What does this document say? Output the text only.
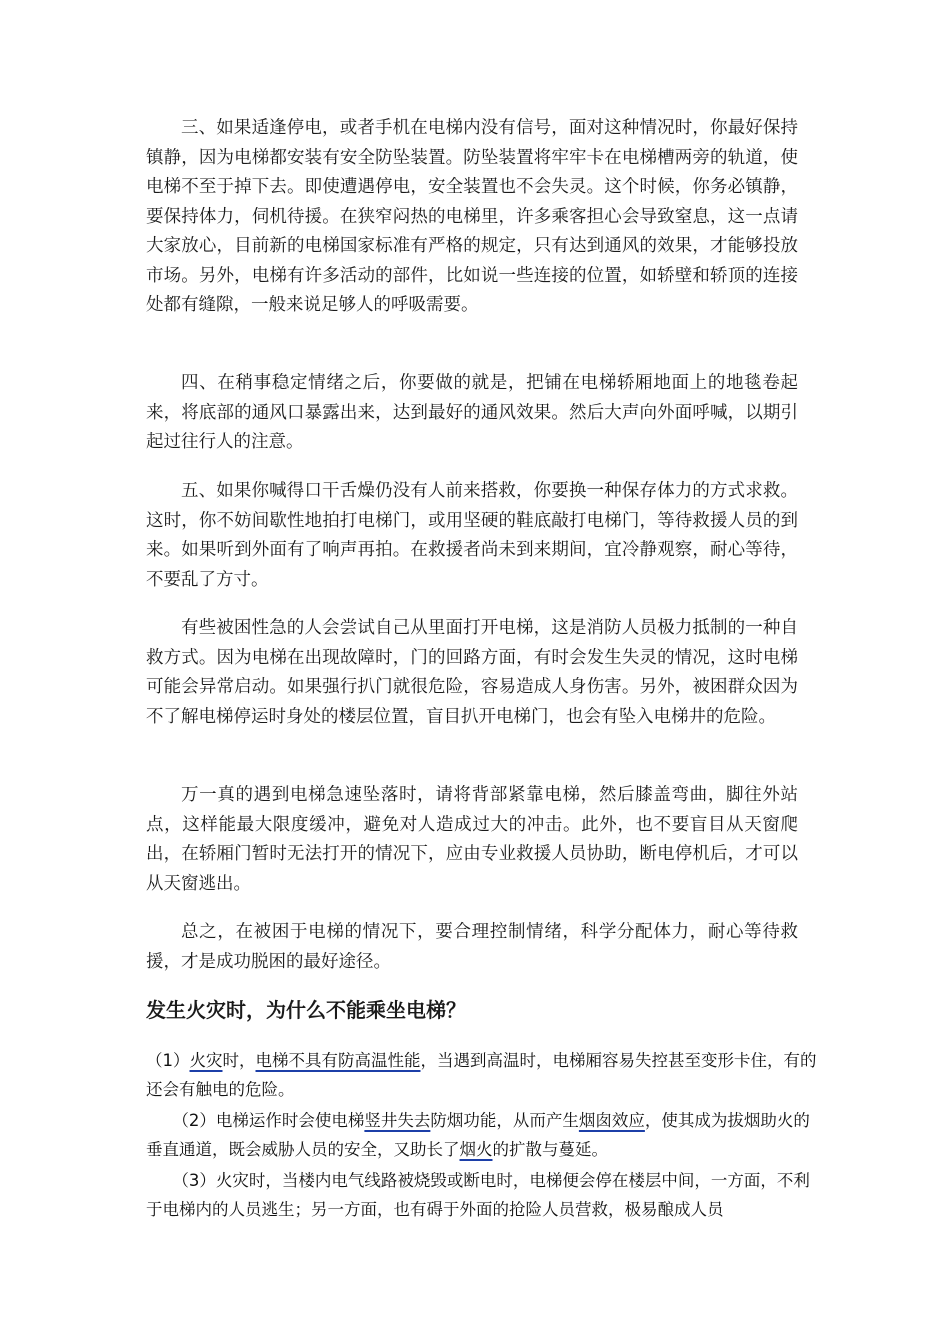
三、如果适逢停电，或者手机在电梯内没有信号，面对这种情况时，你最好保持镇静，因为电梯都安装有安全防坠装置。防坠装置将牢牢卡在电梯槽两旁的轨道，使电梯不至于掉下去。即使遭遇停电，安全装置也不会失灵。这个时候，你务必镇静，要保持体力，伺机待援。在狭窄闷热的电梯里，许多乘客担心会导致窒息，这一点请大家放心，目前新的电梯国家标准有严格的规定，只有达到通风的效果，才能够投放市场。另外，电梯有许多活动的部件，比如说一些连接的位置，如轿壁和轿顶的连接处都有缝隙，一般来说足够人的呼吸需要。

四、在稍事稳定情绪之后，你要做的就是，把铺在电梯轿厢地面上的地毯卷起来，将底部的通风口暴露出来，达到最好的通风效果。然后大声向外面呼喊，以期引起过往行人的注意。

五、如果你喊得口干舌燥仍没有人前来搭救，你要换一种保存体力的方式求救。这时，你不妨间歇性地拍打电梯门，或用坚硬的鞋底敲打电梯门，等待救援人员的到来。如果听到外面有了响声再拍。在救援者尚未到来期间，宜冷静观察，耐心等待，不要乱了方寸。

有些被困性急的人会尝试自己从里面打开电梯，这是消防人员极力抵制的一种自救方式。因为电梯在出现故障时，门的回路方面，有时会发生失灵的情况，这时电梯可能会异常启动。如果强行扒门就很危险，容易造成人身伤害。另外，被困群众因为不了解电梯停运时身处的楼层位置，盲目扒开电梯门，也会有坠入电梯井的危险。

万一真的遇到电梯急速坠落时，请将背部紧靠电梯，然后膝盖弯曲，脚往外站点，这样能最大限度缓冲，避免对人造成过大的冲击。此外，也不要盲目从天窗爬出，在轿厢门暂时无法打开的情况下，应由专业救援人员协助，断电停机后，才可以从天窗逃出。

总之，在被困于电梯的情况下，要合理控制情绪，科学分配体力，耐心等待救援，才是成功脱困的最好途径。

发生火灾时，为什么不能乘坐电梯？

（1）火灾时，电梯不具有防高温性能，当遇到高温时，电梯厢容易失控甚至变形卡住，有的还会有触电的危险。

（2）电梯运作时会使电梯竖井失去防烟功能，从而产生烟囱效应，使其成为拔烟助火的垂直通道，既会威胁人员的安全，又助长了烟火的扩散与蔓延。

（3）火灾时，当楼内电气线路被烧毁或断电时，电梯便会停在楼层中间，一方面，不利于电梯内的人员逃生；另一方面，也有碍于外面的抢险人员营救，极易酿成人员
